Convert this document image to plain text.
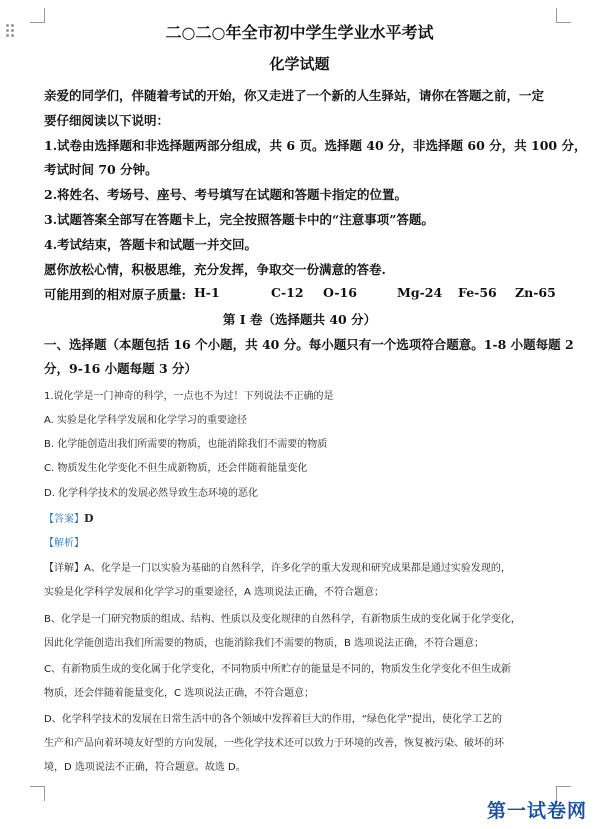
二○二○年全市初中学生学业水平考试
化学试题
亲爱的同学们，伴随着考试的开始，你又走进了一个新的人生驿站，请你在答题之前，一定
要仔细阅读以下说明：
1.试卷由选择题和非选择题两部分组成，共 6 页。选择题 40 分，非选择题 60 分，共 100 分，
考试时间 70 分钟。
2.将姓名、考场号、座号、考号填写在试题和答题卡指定的位置。
3.试题答案全部写在答题卡上，完全按照答题卡中的“注意事项”答题。
4.考试结束，答题卡和试题一并交回。
愿你放松心情，积极思维，充分发挥，争取交一份满意的答卷.
可能用到的相对原子质量: H-1	C-12 O-16	Mg-24 Fe-56 Zn-65
第 I 卷（选择题共 40 分）
一、选择题（本题包括 16 个小题，共 40 分。每小题只有一个选项符合题意。1-8 小题每题 2
分，9-16 小题每题 3 分）
1.说化学是一门神奇的科学，一点也不为过！下列说法不正确的是
A. 实验是化学科学发展和化学学习的重要途径
B. 化学能创造出我们所需要的物质，也能消除我们不需要的物质
C. 物质发生化学变化不但生成新物质，还会伴随着能量变化
D. 化学科学技术的发展必然导致生态环境的恶化
【答案】D
【解析】
【详解】A、化学是一门以实验为基础的自然科学，许多化学的重大发现和研究成果都是通过实验发现的，
实验是化学科学发展和化学学习的重要途径，A 选项说法正确，不符合题意；
B、化学是一门研究物质的组成、结构、性质以及变化规律的自然科学，有新物质生成的变化属于化学变化，
因此化学能创造出我们所需要的物质，也能消除我们不需要的物质，B 选项说法正确，不符合题意；
C、有新物质生成的变化属于化学变化，不同物质中所贮存的能量是不同的，物质发生化学变化不但生成新
物质，还会伴随着能量变化，C 选项说法正确，不符合题意；
D、化学科学技术的发展在日常生活中的各个领域中发挥着巨大的作用，“绿色化学”提出，使化学工艺的
生产和产品向着环境友好型的方向发展，一些化学技术还可以致力于环境的改善，恢复被污染、破坏的环
境，D 选项说法不正确，符合题意。故选 D。
第一试卷网
